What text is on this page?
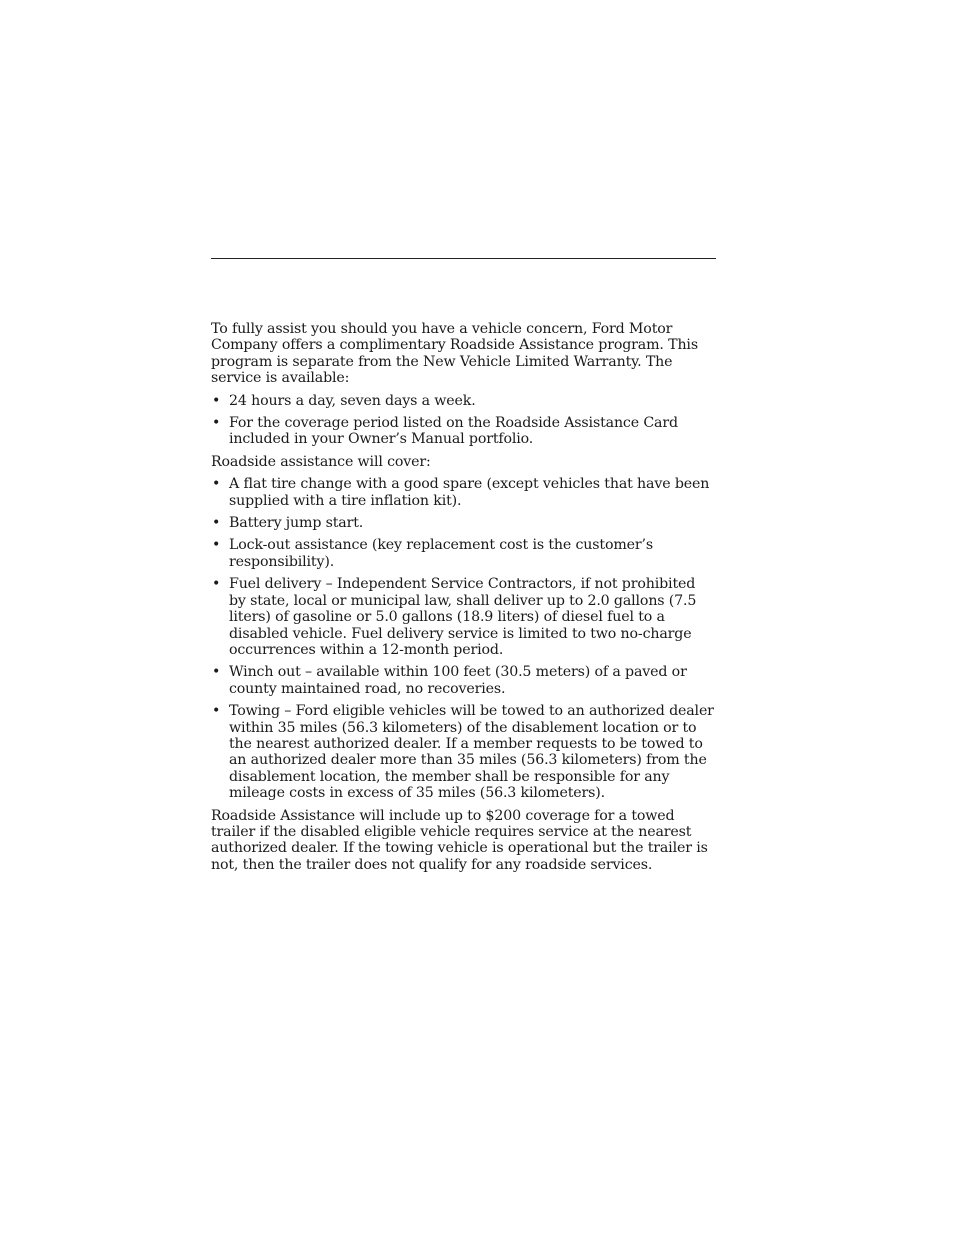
To fully assist you should you have a vehicle concern, Ford Motor Company offers a complimentary Roadside Assistance program. This program is separate from the New Vehicle Limited Warranty. The service is available:

• 24 hours a day, seven days a week.
• For the coverage period listed on the Roadside Assistance Card included in your Owner’s Manual portfolio.

Roadside assistance will cover:

• A flat tire change with a good spare (except vehicles that have been supplied with a tire inflation kit).
• Battery jump start.
• Lock-out assistance (key replacement cost is the customer’s responsibility).
• Fuel delivery – Independent Service Contractors, if not prohibited by state, local or municipal law, shall deliver up to 2.0 gallons (7.5 liters) of gasoline or 5.0 gallons (18.9 liters) of diesel fuel to a disabled vehicle. Fuel delivery service is limited to two no-charge occurrences within a 12-month period.
• Winch out – available within 100 feet (30.5 meters) of a paved or county maintained road, no recoveries.
• Towing – Ford eligible vehicles will be towed to an authorized dealer within 35 miles (56.3 kilometers) of the disablement location or to the nearest authorized dealer. If a member requests to be towed to an authorized dealer more than 35 miles (56.3 kilometers) from the disablement location, the member shall be responsible for any mileage costs in excess of 35 miles (56.3 kilometers).

Roadside Assistance will include up to $200 coverage for a towed trailer if the disabled eligible vehicle requires service at the nearest authorized dealer. If the towing vehicle is operational but the trailer is not, then the trailer does not qualify for any roadside services.
